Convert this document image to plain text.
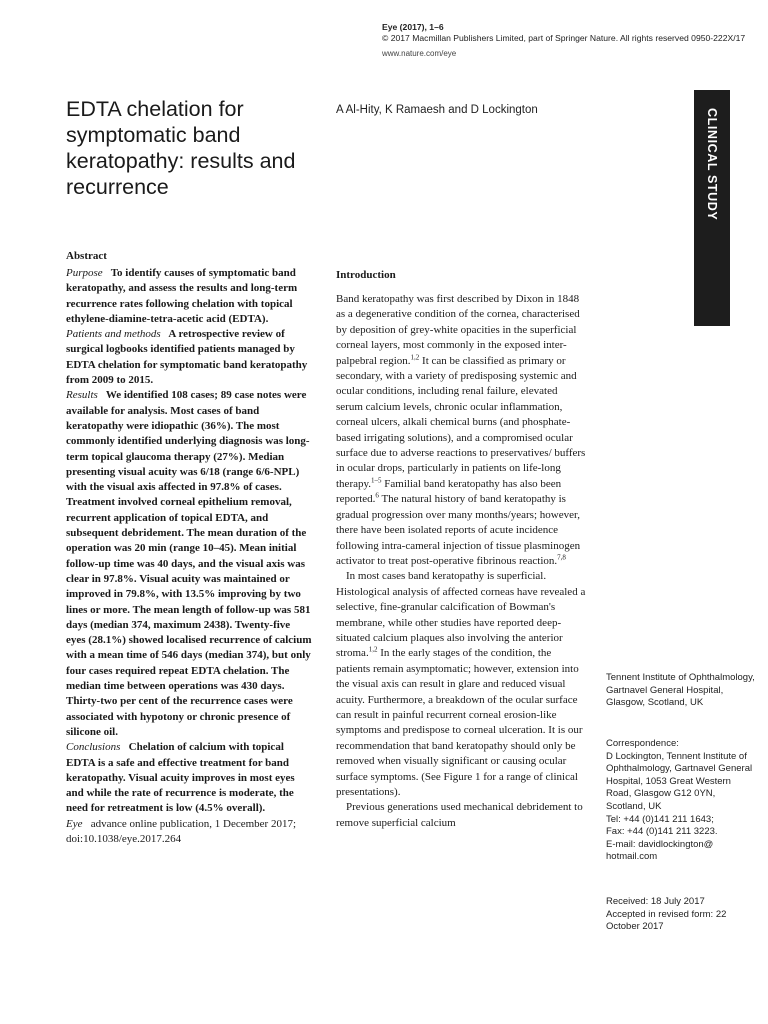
Eye (2017), 1–6
© 2017 Macmillan Publishers Limited, part of Springer Nature. All rights reserved 0950-222X/17
www.nature.com/eye
EDTA chelation for symptomatic band keratopathy: results and recurrence
A Al-Hity, K Ramaesh and D Lockington	CLINICAL STUDY
Abstract

Purpose To identify causes of symptomatic band keratopathy, and assess the results and long-term recurrence rates following chelation with topical ethylene-diamine-tetra-acetic acid (EDTA).

Patients and methods A retrospective review of surgical logbooks identified patients managed by EDTA chelation for symptomatic band keratopathy from 2009 to 2015.

Results We identified 108 cases; 89 case notes were available for analysis. Most cases of band keratopathy were idiopathic (36%). The most commonly identified underlying diagnosis was long-term topical glaucoma therapy (27%). Median presenting visual acuity was 6/18 (range 6/6-NPL) with the visual axis affected in 97.8% of cases. Treatment involved corneal epithelium removal, recurrent application of topical EDTA, and subsequent debridement. The mean duration of the operation was 20 min (range 10–45). Mean initial follow-up time was 40 days, and the visual axis was clear in 97.8%. Visual acuity was maintained or improved in 79.8%, with 13.5% improving by two lines or more. The mean length of follow-up was 581 days (median 374, maximum 2438). Twenty-five eyes (28.1%) showed localised recurrence of calcium with a mean time of 546 days (median 374), but only four cases required repeat EDTA chelation. The median time between operations was 430 days. Thirty-two per cent of the recurrence cases were associated with hypotony or chronic presence of silicone oil.

Conclusions Chelation of calcium with topical EDTA is a safe and effective treatment for band keratopathy. Visual acuity improves in most eyes and while the rate of recurrence is moderate, the need for retreatment is low (4.5% overall).

Eye advance online publication, 1 December 2017; doi:10.1038/eye.2017.264

Introduction

Band keratopathy was first described by Dixon in 1848 as a degenerative condition of the cornea, characterised by deposition of grey-white opacities in the superficial corneal layers, most commonly in the exposed inter-palpebral region.$^{1,2}$ It can be classified as primary or secondary, with a variety of predisposing systemic and ocular conditions, including renal failure, elevated serum calcium levels, chronic ocular inflammation, corneal ulcers, alkali chemical burns (and phosphate-based irrigating solutions), and a compromised ocular surface due to adverse reactions to preservatives/ buffers in ocular drops, particularly in patients on life-long therapy.$^{1-5}$ Familial band keratopathy has also been reported.$^6$ The natural history of band keratopathy is gradual progression over many months/years; however, there have been isolated reports of acute incidence following intra-cameral injection of tissue plasminogen activator to treat post-operative fibrinous reaction.$^{7,8}$

In most cases band keratopathy is superficial. Histological analysis of affected corneas have revealed a selective, fine-granular calcification of Bowman's membrane, while other studies have reported deep-situated calcium plaques also involving the anterior stroma.$^{1,2}$ In the early stages of the condition, the patients remain asymptomatic; however, extension into the visual axis can result in glare and reduced visual acuity. Furthermore, a breakdown of the ocular surface can result in painful recurrent corneal erosion-like symptoms and predispose to corneal ulceration. It is our recommendation that band keratopathy should only be removed when visually significant or causing ocular surface symptoms. (See Figure 1 for a range of clinical presentations).

Previous generations used mechanical debridement to remove superficial calcium

Tennent Institute of Ophthalmology, Gartnavel General Hospital, Glasgow, Scotland, UK
Correspondence:
D Lockington, Tennent Institute of Ophthalmology, Gartnavel General Hospital, 1053 Great Western Road, Glasgow G12 0YN, Scotland, UK
Tel: +44 (0)141 211 1643;
Fax: +44 (0)141 211 3223.
E-mail: davidlockington@ hotmail.com
Received: 18 July 2017
Accepted in revised form: 22 October 2017
